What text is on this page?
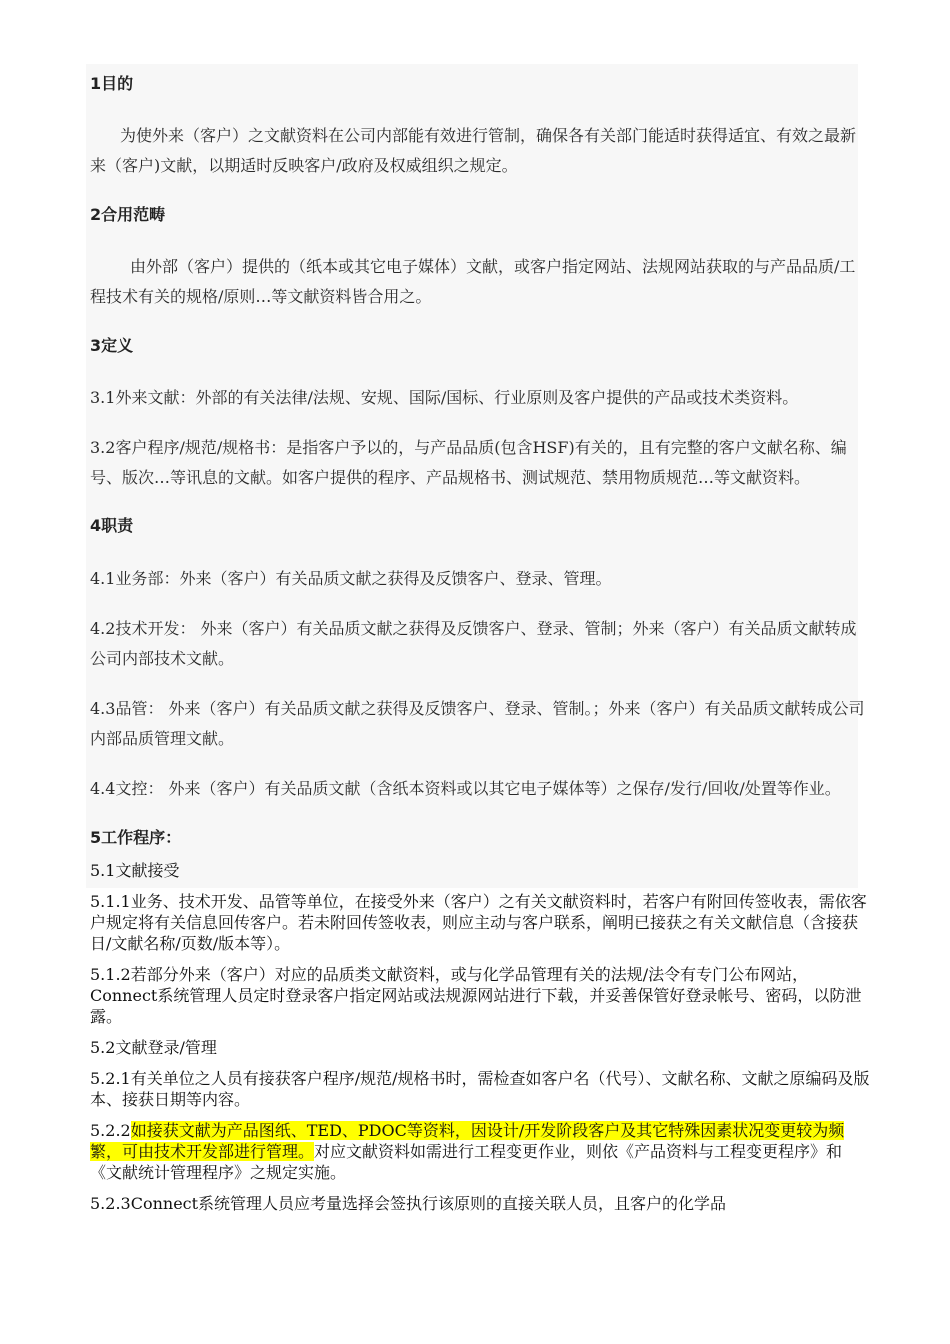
1目的
为使外来（客户）之文献资料在公司内部能有效进行管制，确保各有关部门能适时获得适宜、有效之最新来（客户)文献，以期适时反映客户/政府及权威组织之规定。
2合用范畴
由外部（客户）提供的（纸本或其它电子媒体）文献，或客户指定网站、法规网站获取的与产品品质/工程技术有关的规格/原则…等文献资料皆合用之。
3定义
3.1外来文献：外部的有关法律/法规、安规、国际/国标、行业原则及客户提供的产品或技术类资料。
3.2客户程序/规范/规格书：是指客户予以的，与产品品质(包含HSF)有关的，且有完整的客户文献名称、编号、版次…等讯息的文献。如客户提供的程序、产品规格书、测试规范、禁用物质规范…等文献资料。
4职责
4.1业务部：外来（客户）有关品质文献之获得及反馈客户、登录、管理。
4.2技术开发： 外来（客户）有关品质文献之获得及反馈客户、登录、管制；外来（客户）有关品质文献转成公司内部技术文献。
4.3品管： 外来（客户）有关品质文献之获得及反馈客户、登录、管制。；外来（客户）有关品质文献转成公司内部品质管理文献。
4.4文控： 外来（客户）有关品质文献（含纸本资料或以其它电子媒体等）之保存/发行/回收/处置等作业。
5工作程序：
5.1文献接受
5.1.1业务、技术开发、品管等单位，在接受外来（客户）之有关文献资料时，若客户有附回传签收表，需依客户规定将有关信息回传客户。若未附回传签收表，则应主动与客户联系，阐明已接获之有关文献信息（含接获日/文献名称/页数/版本等）。
5.1.2若部分外来（客户）对应的品质类文献资料，或与化学品管理有关的法规/法令有专门公布网站，Connect系统管理人员定时登录客户指定网站或法规源网站进行下载，并妥善保管好登录帐号、密码，以防泄露。
5.2文献登录/管理
5.2.1有关单位之人员有接获客户程序/规范/规格书时，需检查如客户名（代号）、文献名称、文献之原编码及版本、接获日期等内容。
5.2.2如接获文献为产品图纸、TED、PDOC等资料，因设计/开发阶段客户及其它特殊因素状况变更较为频繁，可由技术开发部进行管理。对应文献资料如需进行工程变更作业，则依《产品资料与工程变更程序》和《文献统计管理程序》之规定实施。
5.2.3Connect系统管理人员应考量选择会签执行该原则的直接关联人员，且客户的化学品
